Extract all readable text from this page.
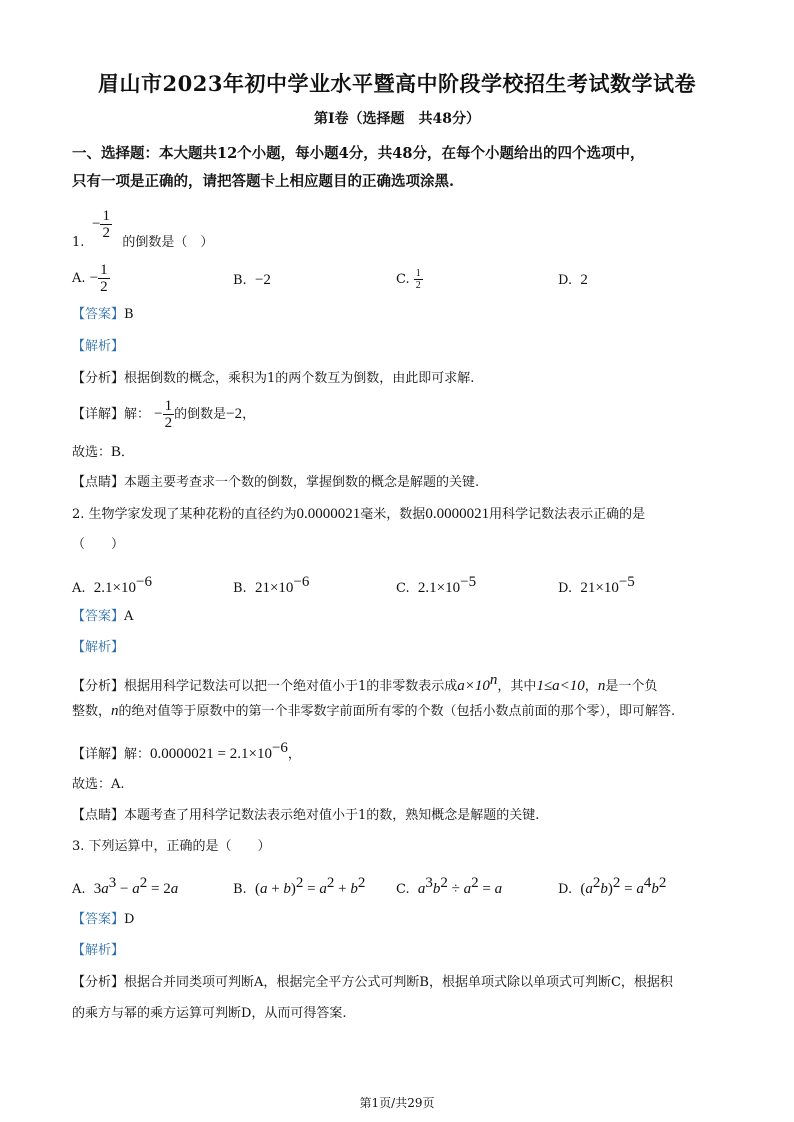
眉山市2023年初中学业水平暨高中阶段学校招生考试数学试卷
第Ⅰ卷（选择题　共48分）
一、选择题：本大题共12个小题，每小题4分，共48分，在每个小题给出的四个选项中，
只有一项是正确的，请把答题卡上相应题目的正确选项涂黑.
− $\frac{1}{2}$
1.	的倒数是（　）
A. − $\frac{1}{2}$	B. −2	C. $\frac{1}{2}$	D. 2
【答案】B
【解析】
【分析】根据倒数的概念，乘积为1的两个数互为倒数，由此即可求解.
【详解】解： − $\frac{1}{2}$ 的倒数是−2，
故选：B．
【点睛】本题主要考查求一个数的倒数，掌握倒数的概念是解题的关键.
2. 生物学家发现了某种花粉的直径约为0.0000021毫米，数据0.0000021用科学记数法表示正确的是
（　　）
A. $2.1\times 10^{-6}$	B. $21\times 10^{-6}$	C. $2.1\times 10^{-5}$	D. $21\times 10^{-5}$
【答案】A
【解析】
【分析】根据用科学记数法可以把一个绝对值小于1的非零数表示成$a\times 10^n$，其中1≤a<10，n是一个负
整数，n的绝对值等于原数中的第一个非零数字前面所有零的个数（包括小数点前面的那个零），即可解答.
【详解】解：$0.0000021 = 2.1\times 10^{-6}$，
故选：A.
【点睛】本题考查了用科学记数法表示绝对值小于1的数，熟知概念是解题的关键.
3. 下列运算中，正确的是（　　）
A. $3a^3 - a^2 = 2a$	B. $(a + b)^2 = a^2 + b^2$ C. $a^3b^2 \div a^2 = a$	D. $(a^2b)^2 = a^4b^2$
【答案】D
【解析】
【分析】根据合并同类项可判断A，根据完全平方公式可判断B，根据单项式除以单项式可判断C，根据积
的乘方与幂的乘方运算可判断D，从而可得答案.
第1页/共29页
